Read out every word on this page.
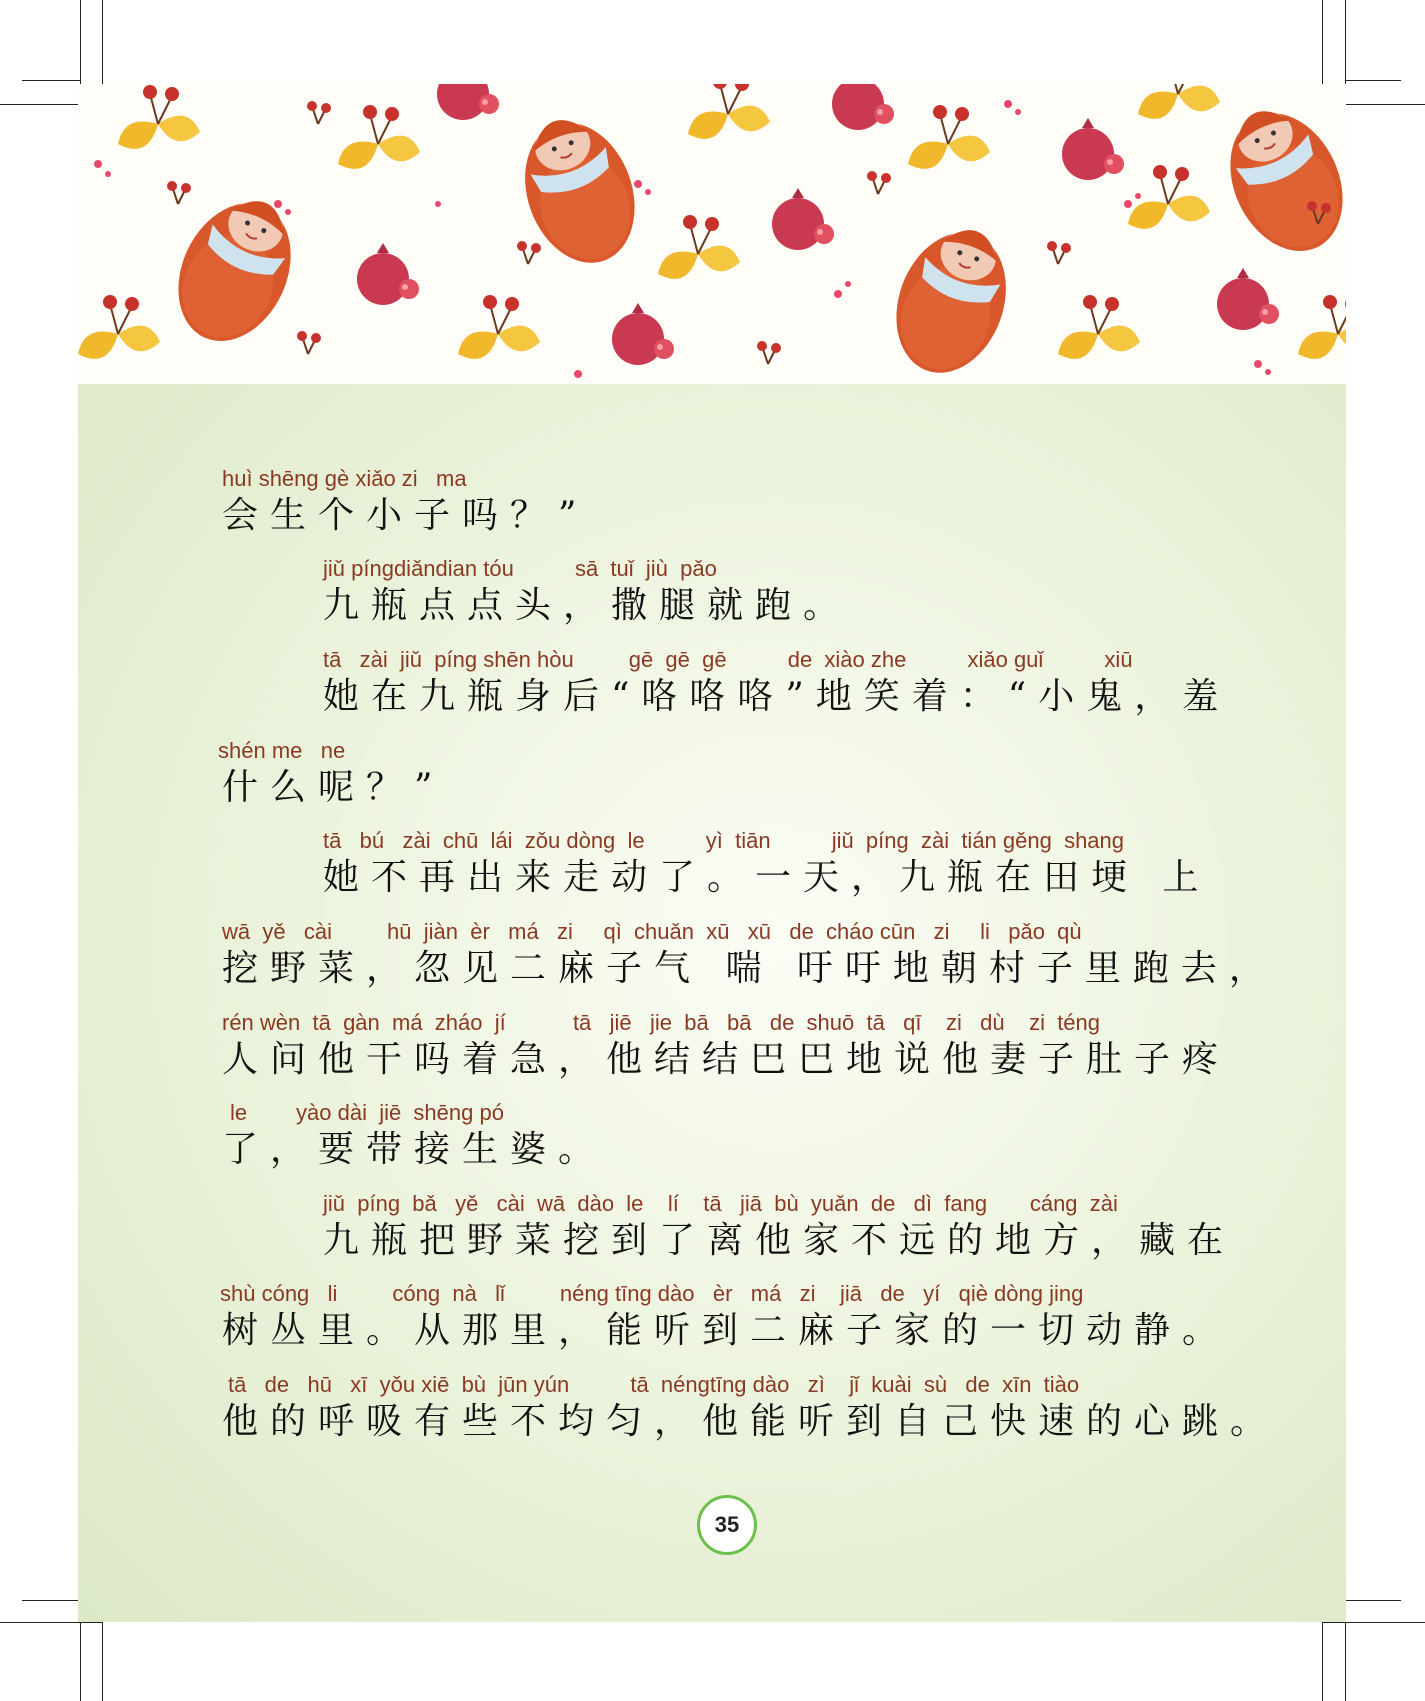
huì shēng gè xiǎo zi   ma
会生个小子吗？”
jiǔ píngdiǎndian tóu          sā  tuǐ  jiù  pǎo
九瓶点点头，撒腿就跑。
tā   zài  jiǔ  píng shēn hòu         gē  gē  gē          de  xiào zhe          xiǎo guǐ          xiū
她在九瓶身后“咯咯咯”地笑着：“小鬼，羞
shén me   ne
什么呢？”
tā   bú   zài  chū  lái  zǒu dòng  le          yì  tiān          jiǔ  píng  zài  tián gěng  shang
她不再出来走动了。一天，九瓶在田埂 上
wā  yě   cài         hū  jiàn  èr   má   zi     qì  chuǎn  xū   xū   de  cháo cūn   zi     li   pǎo  qù
挖野菜，忽见二麻子气 喘 吁吁地朝村子里跑去，
rén wèn  tā  gàn  má  zháo  jí           tā   jiē   jie  bā   bā   de  shuō  tā   qī    zi   dù    zi  téng
人问他干吗着急，他结结巴巴地说他妻子肚子疼
le        yào dài  jiē  shēng pó
了，要带接生婆。
jiǔ  píng  bǎ   yě   cài  wā  dào  le    lí    tā   jiā  bù  yuǎn  de   dì  fang       cáng  zài
九瓶把野菜挖到了离他家不远的地方，藏在
shù cóng   li         cóng  nà   lǐ         néng tīng dào   èr   má   zi    jiā   de   yí   qiè dòng jing
树丛里。从那里，能听到二麻子家的一切动静。
tā   de   hū   xī  yǒu xiē  bù  jūn yún          tā  néngtīng dào   zì    jǐ  kuài  sù   de  xīn  tiào
他的呼吸有些不均匀，他能听到自己快速的心跳。
35
